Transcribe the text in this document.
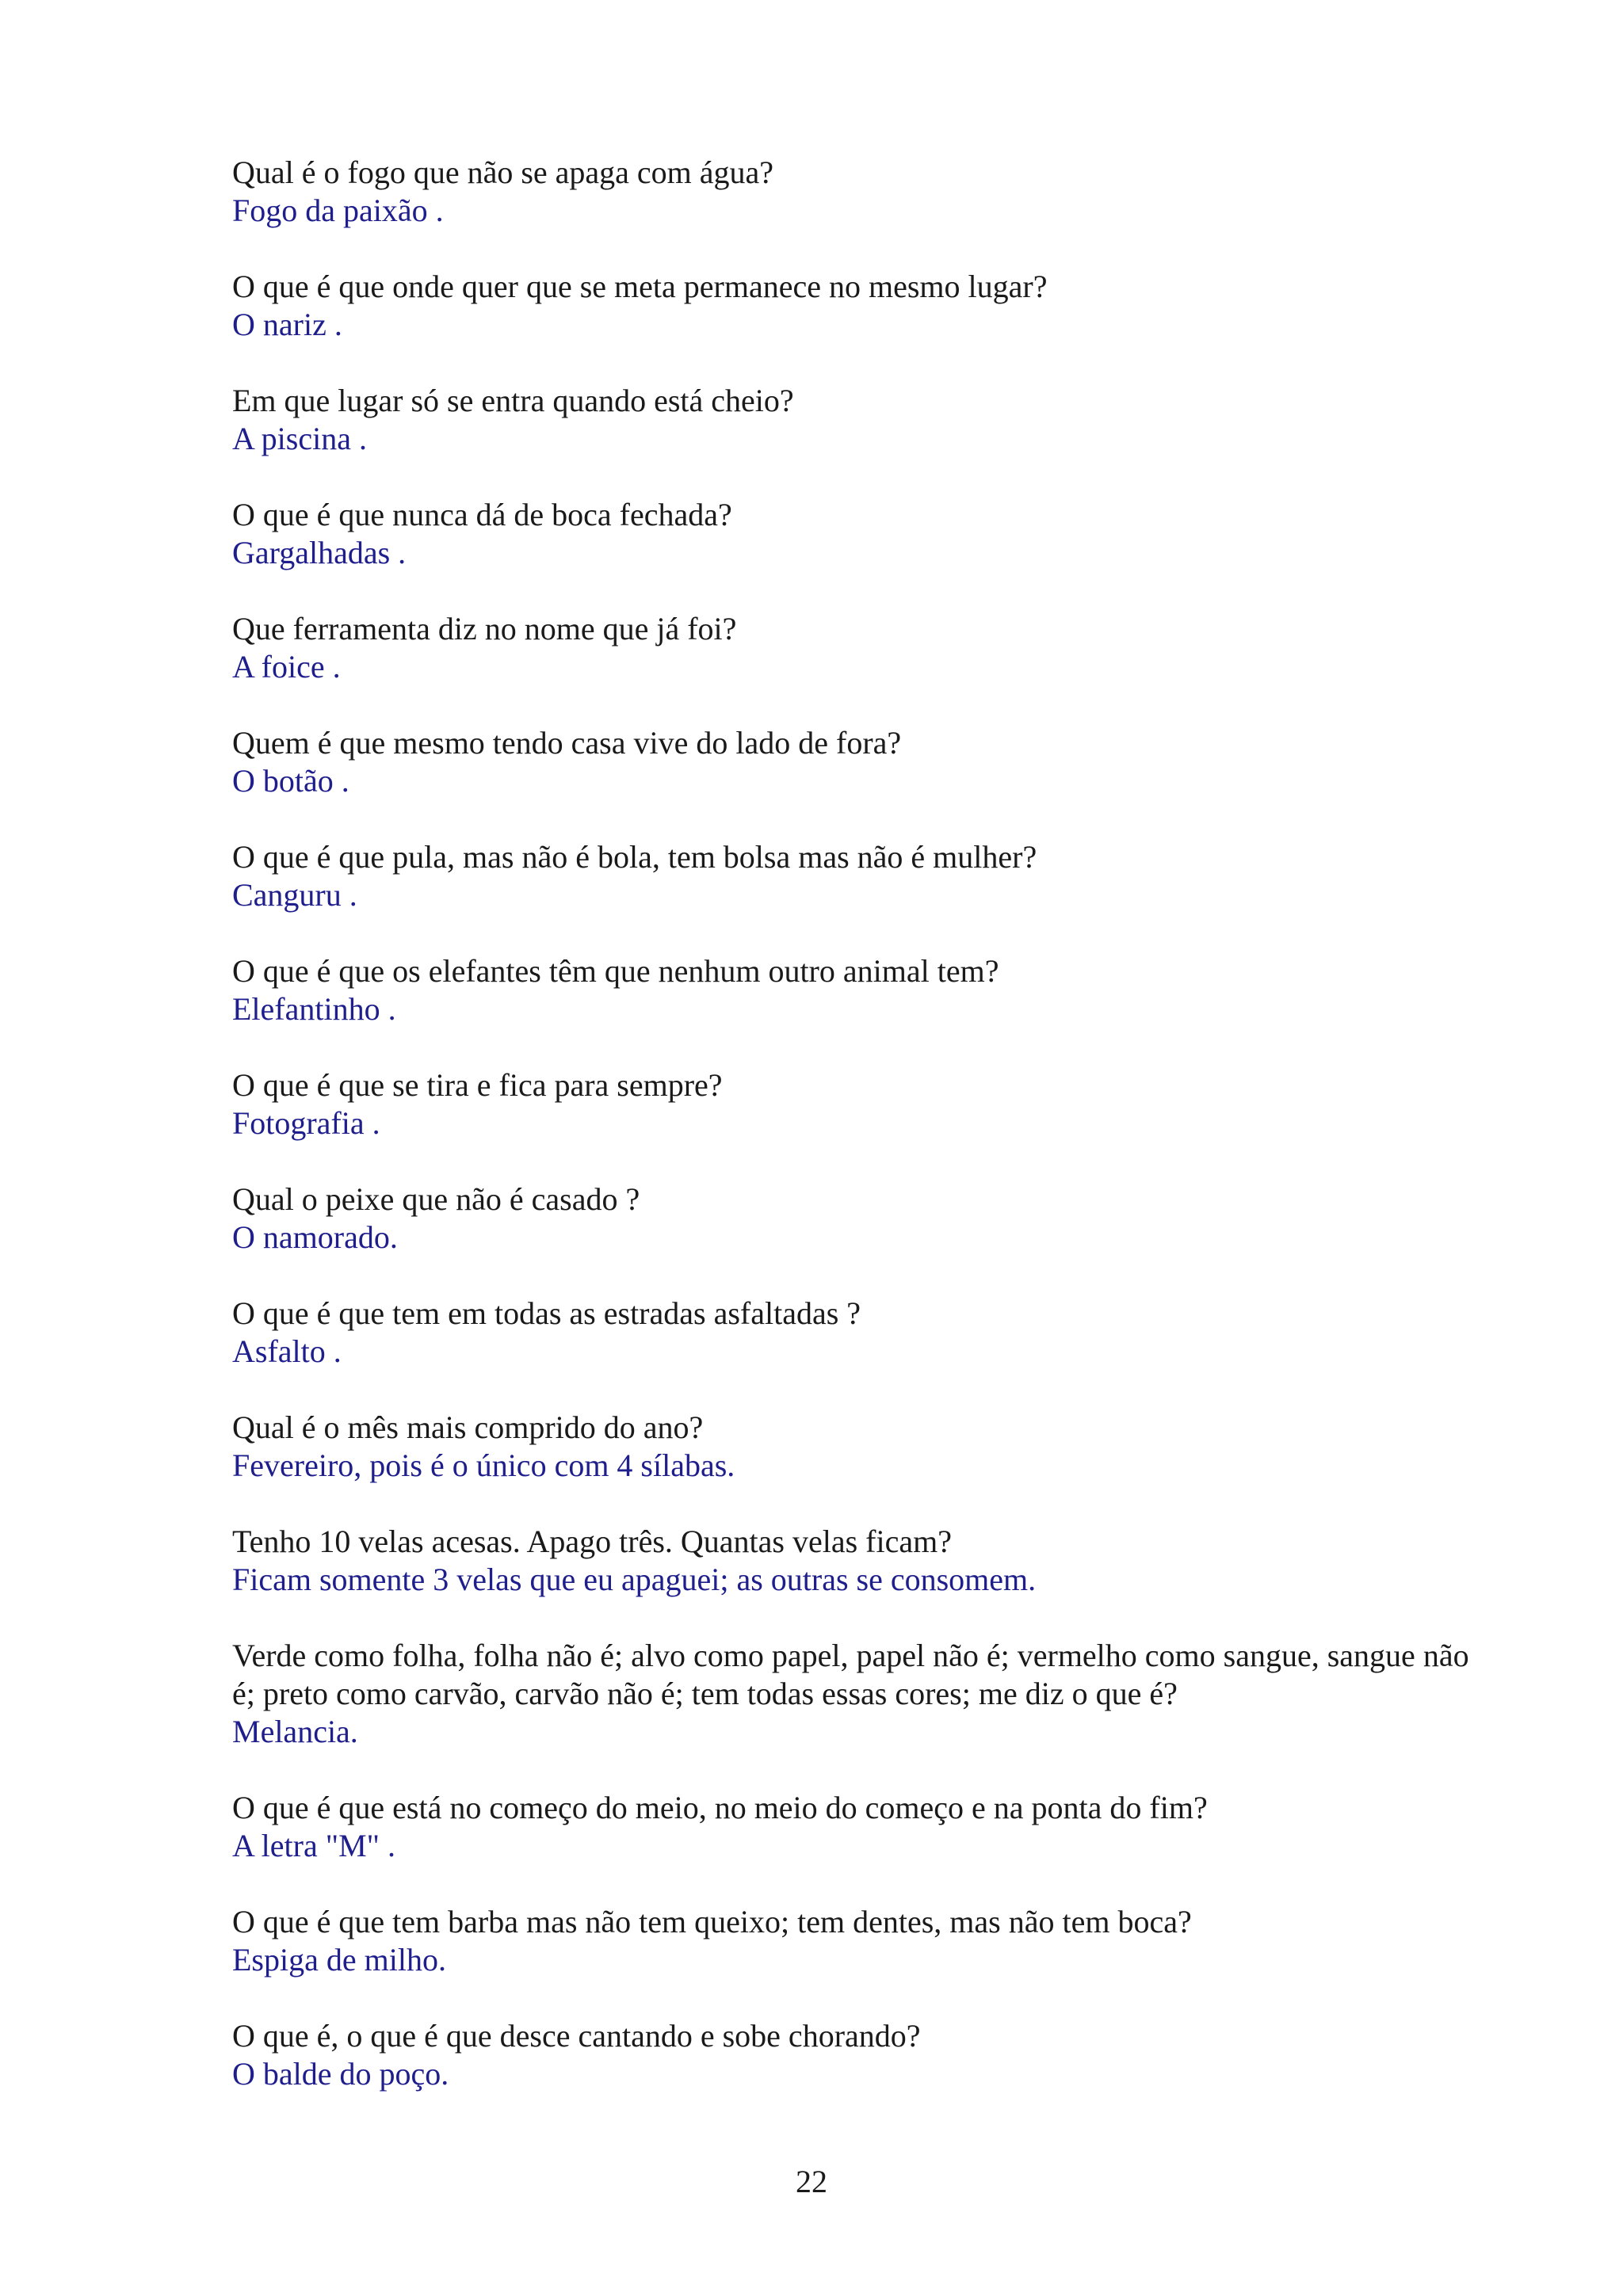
Qual é o fogo que não se apaga com água?
Fogo da paixão .
O que é que onde quer que se meta permanece no mesmo lugar?
O nariz .
Em que lugar só se entra quando está cheio?
A piscina .
O que é que nunca dá de boca fechada?
Gargalhadas .
Que ferramenta diz no nome que já foi?
A foice .
Quem é que mesmo tendo casa vive do lado de fora?
O botão .
O que é que pula, mas não é bola, tem bolsa mas não é mulher?
Canguru .
O que é que os elefantes têm que nenhum outro animal tem?
Elefantinho .
O que é que se tira e fica para sempre?
Fotografia .
Qual o peixe que não é casado ?
O namorado.
O que é que tem em todas as estradas asfaltadas ?
Asfalto .
Qual é o mês mais comprido do ano?
Fevereiro, pois é o único com 4 sílabas.
Tenho 10 velas acesas. Apago três. Quantas velas ficam?
Ficam somente 3 velas que eu apaguei; as outras se consomem.
Verde como folha, folha não é; alvo como papel, papel não é; vermelho como sangue, sangue não é; preto como carvão, carvão não é; tem todas essas cores; me diz o que é?
Melancia.
O que é que está no começo do meio, no meio do começo e na ponta do fim?
A letra "M" .
O que é que tem barba mas não tem queixo; tem dentes, mas não tem boca?
Espiga de milho.
O que é, o que é que desce cantando e sobe chorando?
O balde do poço.
22
